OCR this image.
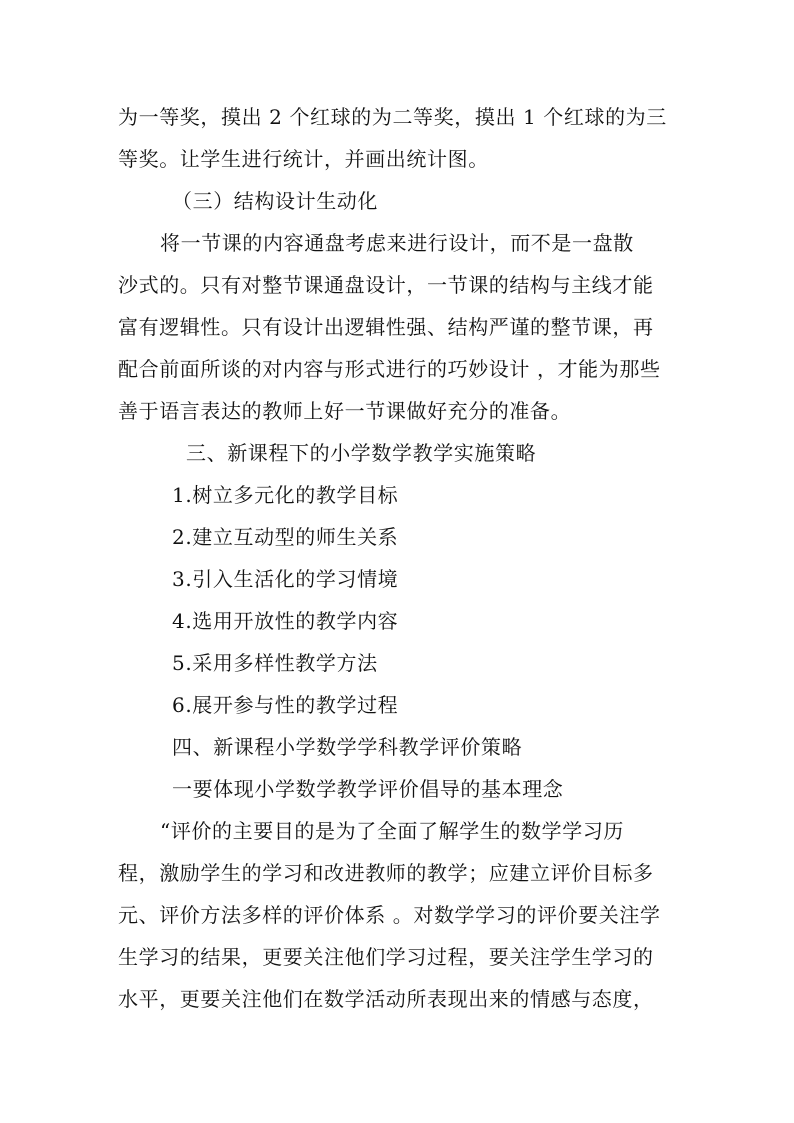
为一等奖，摸出 2 个红球的为二等奖，摸出 1 个红球的为三
等奖。让学生进行统计，并画出统计图。
（三）结构设计生动化
将一节课的内容通盘考虑来进行设计，而不是一盘散
沙式的。只有对整节课通盘设计，一节课的结构与主线才能
富有逻辑性。只有设计出逻辑性强、结构严谨的整节课，再
配合前面所谈的对内容与形式进行的巧妙设计 ，才能为那些
善于语言表达的教师上好一节课做好充分的准备。
三、新课程下的小学数学教学实施策略
1.树立多元化的教学目标
2.建立互动型的师生关系
3.引入生活化的学习情境
4.选用开放性的教学内容
5.采用多样性教学方法
6.展开参与性的教学过程
四、新课程小学数学学科教学评价策略
一要体现小学数学教学评价倡导的基本理念
“评价的主要目的是为了全面了解学生的数学学习历
程，激励学生的学习和改进教师的教学；应建立评价目标多
元、评价方法多样的评价体系 。对数学学习的评价要关注学
生学习的结果，更要关注他们学习过程，要关注学生学习的
水平，更要关注他们在数学活动所表现出来的情感与态度，
